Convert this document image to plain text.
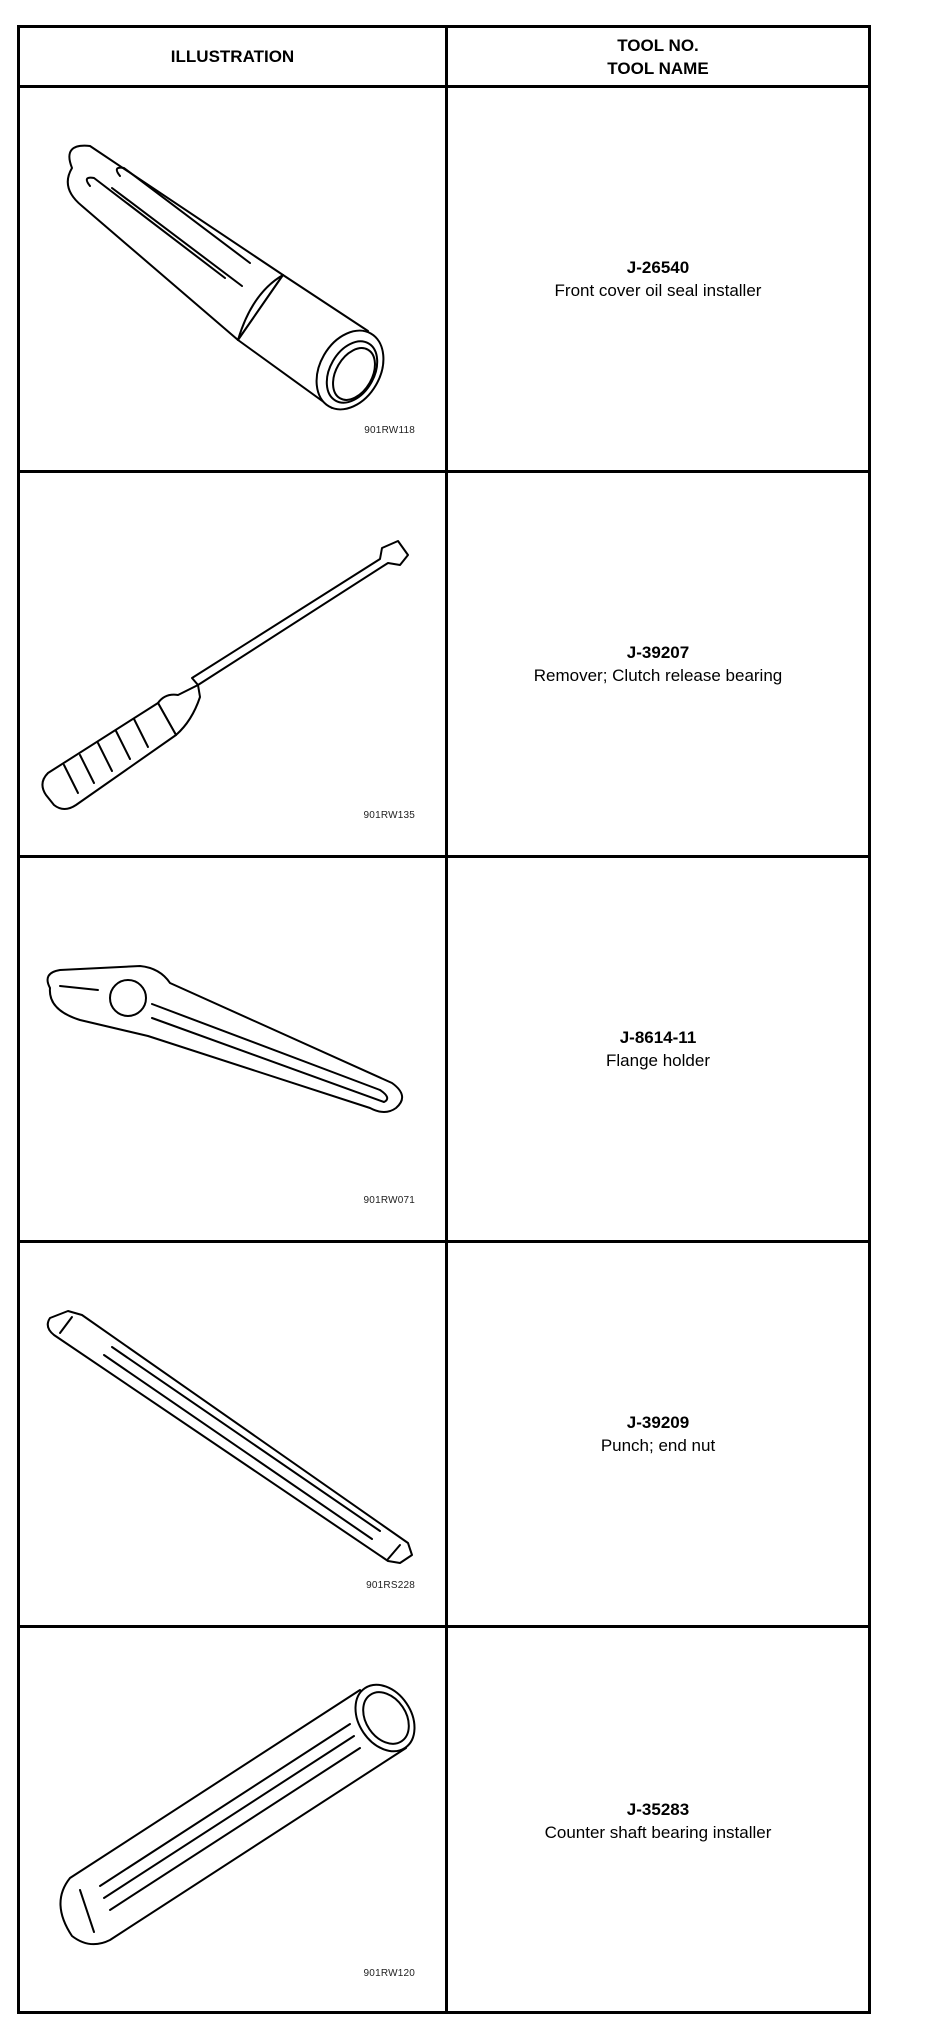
ILLUSTRATION
TOOL NO.
TOOL NAME
901RW118
J-26540
Front cover oil seal installer
901RW135
J-39207
Remover; Clutch release bearing
901RW071
J-8614-11
Flange holder
901RS228
J-39209
Punch; end nut
901RW120
J-35283
Counter shaft bearing installer
